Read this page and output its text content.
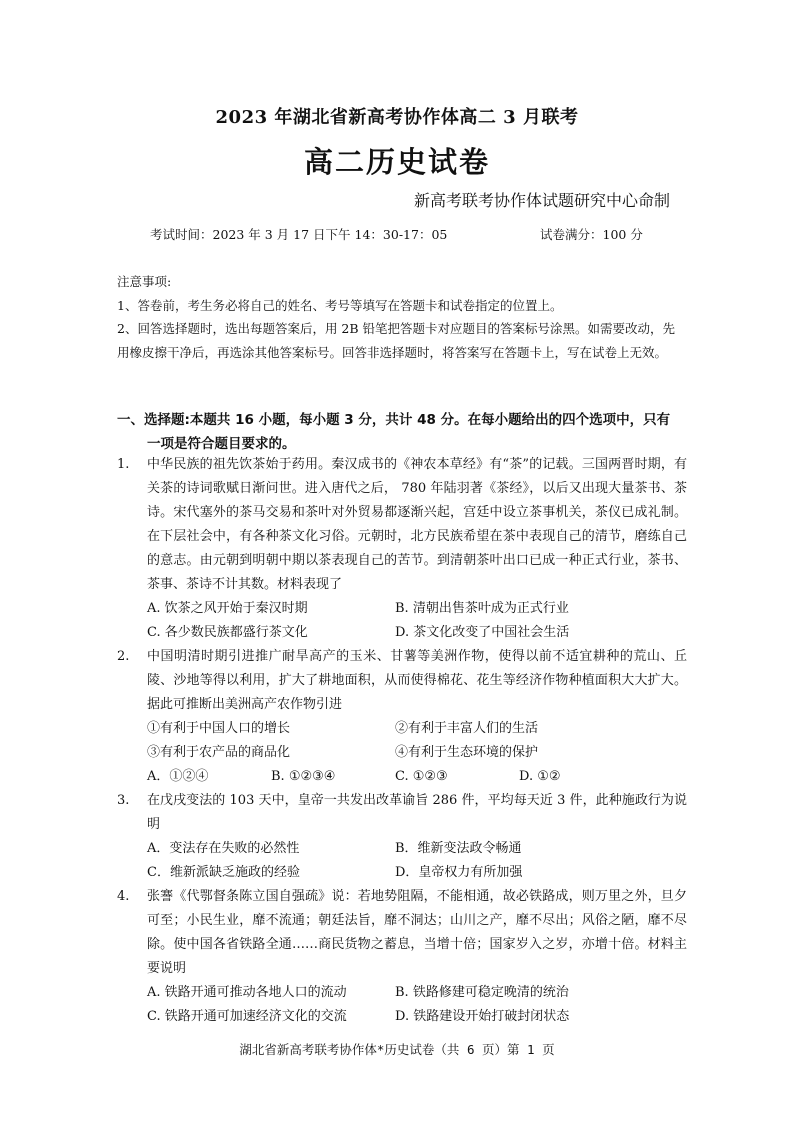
2023 年湖北省新高考协作体高二 3 月联考
高二历史试卷
新高考联考协作体试题研究中心命制
考试时间：2023 年 3 月 17 日下午 14：30-17：05	试卷满分：100 分

注意事项:

1、答卷前，考生务必将自己的姓名、考号等填写在答题卡和试卷指定的位置上。

2、回答选择题时，选出每题答案后，用 2B 铅笔把答题卡对应题目的答案标号涂黑。如需要改动，先用橡皮擦干净后，再选涂其他答案标号。回答非选择题时，将答案写在答题卡上，写在试卷上无效。

一、选择题:本题共 16 小题，每小题 3 分，共计 48 分。在每小题给出的四个选项中，只有
一项是符合题目要求的。
1. 中华民族的祖先饮茶始于药用。秦汉成书的《神农本草经》有“茶”的记载。三国两晋时期，有关茶的诗词歌赋日渐问世。进入唐代之后， 780 年陆羽著《茶经》，以后又出现大量茶书、茶诗。宋代塞外的茶马交易和茶叶对外贸易都逐渐兴起，宫廷中设立茶事机关，茶仪已成礼制。在下层社会中，有各种茶文化习俗。元朝时，北方民族希望在茶中表现自己的清节，磨练自己的意志。由元朝到明朝中期以茶表现自己的苦节。到清朝茶叶出口已成一种正式行业，茶书、茶事、茶诗不计其数。材料表现了
A. 饮茶之风开始于秦汉时期	B. 清朝出售茶叶成为正式行业
C. 各少数民族都盛行茶文化	D. 茶文化改变了中国社会生活
2. 中国明清时期引进推广耐旱高产的玉米、甘薯等美洲作物，使得以前不适宜耕种的荒山、丘陵、沙地等得以利用，扩大了耕地面积，从而使得棉花、花生等经济作物种植面积大大扩大。据此可推断出美洲高产农作物引进
①有利于中国人口的增长	②有利于丰富人们的生活
③有利于农产品的商品化	④有利于生态环境的保护
A．①②④	B. ①②③④	C. ①②③	D. ①②
3. 在戊戌变法的 103 天中，皇帝一共发出改革谕旨 286 件，平均每天近 3 件，此种施政行为说明
A．变法存在失败的必然性	B．维新变法政令畅通
C．维新派缺乏施政的经验	D．皇帝权力有所加强
4. 张謇《代鄂督条陈立国自强疏》说：若地势阻隔，不能相通，故必铁路成，则万里之外，旦夕可至；小民生业，靡不流通；朝廷法旨，靡不洞达；山川之产，靡不尽出；风俗之陋，靡不尽除。使中国各省铁路全通……商民货物之蓄息，当增十倍；国家岁入之岁，亦增十倍。材料主要说明
A. 铁路开通可推动各地人口的流动	B. 铁路修建可稳定晚清的统治
C. 铁路开通可加速经济文化的交流	D. 铁路建设开始打破封闭状态
湖北省新高考联考协作体*历史试卷（共 6 页）第 1 页
